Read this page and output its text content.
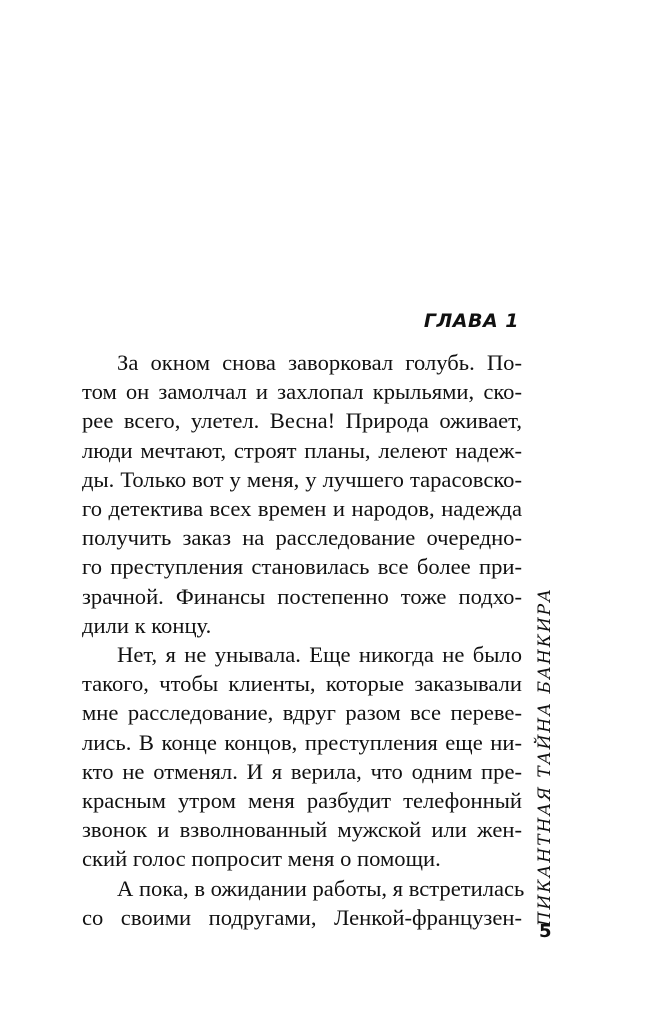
ГЛАВА 1
За окном снова заворковал голубь. По-
том он замолчал и захлопал крыльями, ско-
рее всего, улетел. Весна! Природа оживает,
люди мечтают, строят планы, лелеют надеж-
ды. Только вот у меня, у лучшего тарасовско-
го детектива всех времен и народов, надежда
получить заказ на расследование очередно-
го преступления становилась все более при-
зрачной. Финансы постепенно тоже подхо-
дили к концу.
Нет, я не унывала. Еще никогда не было
такого, чтобы клиенты, которые заказывали
мне расследование, вдруг разом все переве-
лись. В конце концов, преступления еще ни-
кто не отменял. И я верила, что одним пре-
красным утром меня разбудит телефонный
звонок и взволнованный мужской или жен-
ский голос попросит меня о помощи.
А пока, в ожидании работы, я встретилась
со своими подругами, Ленкой-французен- ПИКАНТНАЯ ТАЙНА БАНКИРА
5
